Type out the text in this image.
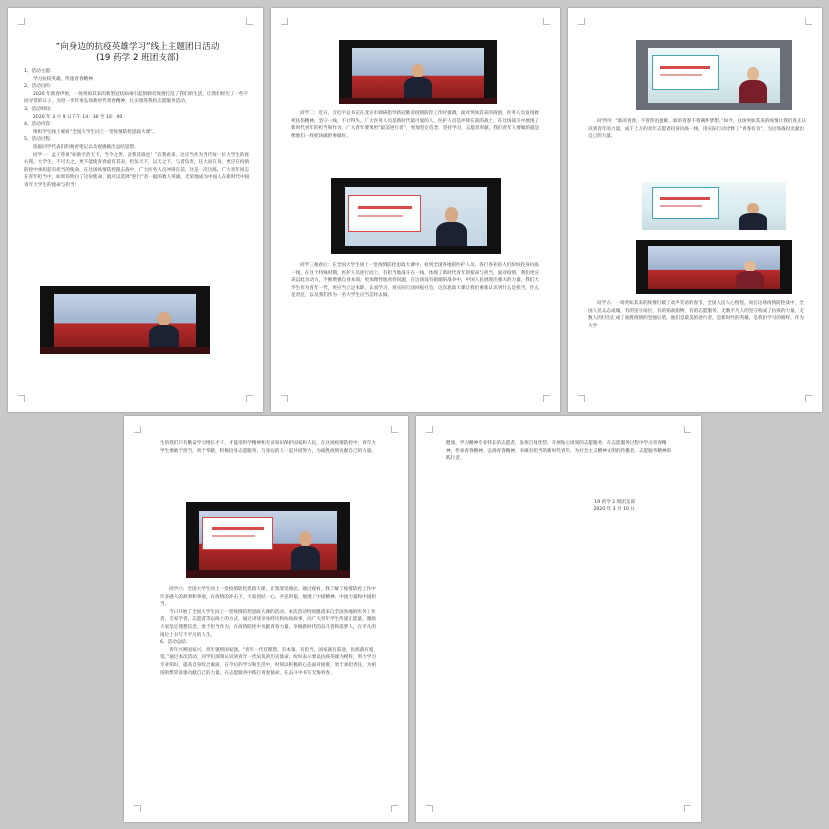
“向身边的抗疫英雄学习”线上主题团日活动
(19 药学 2 班团支部)

1、活动主题：

学习抗疫英雄，传递青春精神

2、活动目的：

2020 年新春伊始，一场突如其来的新型冠状病毒引起的肺炎疫情打乱了我们的生活，让我们经历了一些不同寻常的日子。为进一步传承弘扬新时代青春精神，扎实推进我校志愿服务活动。

3、活动时间：

2020 年 3 月 9 日下午 14：30 至 16：00

4、活动内容：

组织学生线上观看“全国大学生同上一堂疫情防控思政大课”。

5、活动过程：

依据同学代表们的观看笔记以及观感做出总结思想。

同学一：孟子曾说“如欲平治天下，当今之世，舍我其谁也！”在我看来，这应当作为当代每一位大学生的座右铭。大学生，不可无之，更不能使青春虚有其表，担负天下，以天之下，与者负责，任大而在身，更应在疫情防控中承担起有担当的使命，在这场疫情防控阻击战中，广大医务人员冲锋在前，这是一次历练，广大青年同志在青年担当中，如果你明白了这份使命，就可以选择“逆行”者一般的救人英雄，光荣地成为中国人在新时代中国青年大学生的使命与担当！

同学二：近日，习近平总书记在北京市调研指导新冠肺炎疫情防控工作时强调，面对突如其来的疫情，医务人员发扬救死扶伤精神，坚守一线，不计得失，广大医务人员是新时代最可爱的人，医护人员是冲锋在前的战士，在这场战斗中展现了新时代青年的担当和作为，广大青年要勇担“最美逆行者”，更加坚定信念，坚持学习，志愿者奉献，我们青年人要做的就是像他们一样把该做的事做好。

同学三观看后：在全国大学生同上一堂疫情防控思政大课中，看到全国各地的医护人员、各行各业的人们纷纷投身抗疫一线，在这个特殊时期，医护人员逆行而上，有担当地战斗在一线，体现了新时代青年的使命与担当，面对疫情，我们更应该以此为动力，不断增强自身本领，更加理性地看待问题，在这场没有硝烟的战争中，中国人民展现出强大的力量，我们大学生作为青年一代，更应当立足本职，认真学习，用实际行动回报社会，这次思政大课让我们重新认识到什么是担当，什么是责任，以及我们作为一名大学生应当怎样去做。

同学四：“谁的青春，不曾热泪盈眶，谁的青春不曾满怀梦想。”如今，这场突如其来的疫情让我们真正认识到青年的力量，成千上万的青年志愿者投身抗疫一线，用实际行动诠释了“青春有为”，为这场战役贡献出自己的力量。

同学五：一场突如其来的疫情打破了欢声笑语的春节，全国人民人心惶惶，而在这场疫情防控战中，全国人民众志成城，有的坚守岗位，有的捐款捐物，有的志愿服务，无数平凡人的坚守构成了抗疫的力量，无数人的付出汇成了战胜疫情的坚强后盾，他们是最美的逆行者，是新时代的英雄，是我们学习的榜样，作为大学

生的我们只有勤奋学习增长才干，才能用科学精神和专业知识保护国家和人民，在这场疫情防控中，青年大学生要敢于担当，勇于奉献，积极投身志愿服务，与身边的人一起共同努力，为战胜疫情贡献自己的力量。

同学六：全国大学生同上一堂疫情防控思政大课，让我深受感动，通过观看，我了解了疫情防控工作中许多感人的故事和事迹，在疫情的冲击下，大家团结一心，共克时艰，展现了中国精神、中国力量和中国担当。

今日开展了全国大学生同上一堂疫情防控思政大课的活动，本次活动特别邀请来自全国各地的医务工作者、专家学者、志愿者等以线上的方式，通过讲述亲身经历和抗疫故事，向广大青年学生传递正能量，激励大家坚定理想信念，勇于担当作为，在疫情防控中贡献青春力量，争做新时代的奋斗者和追梦人，在平凡的岗位上书写不平凡的人生。

6、活动总结：

青年兴则国家兴，青年强则国家强。“青年一代有理想、有本领、有担当，国家就有前途，民族就有希望。”通过本次活动，同学们深刻认识到青年一代肩负的历史使命，纷纷表示要以抗疫英雄为榜样，努力学习专业知识，提高自身综合素质，在今后的学习和生活中，时刻以积极的心态面对困难，勇于承担责任，为祖国的繁荣富强贡献自己的力量，在志愿服务中践行青春使命，在奋斗中书写无悔青春。

健康，学习精神专业特长的志愿者，发挥自身优势，开展贴心周到的志愿服务，在志愿服务过程中学习青春精神，传承青春精神，弘扬青春精神，争做有担当的新时代青年，为社会主义精神文明的传播者，志愿服务精神的践行者。

19 药学 2 班团支部

2020 年 3 月 10 日
